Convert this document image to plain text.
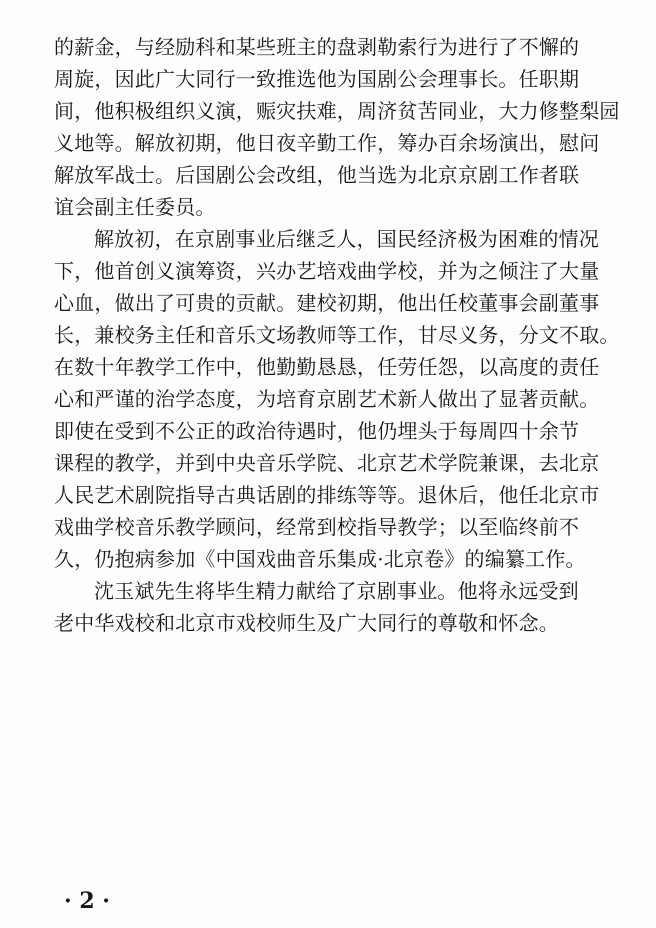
的薪金，与经励科和某些班主的盘剥勒索行为进行了不懈的
周旋，因此广大同行一致推选他为国剧公会理事长。任职期
间，他积极组织义演，赈灾扶难，周济贫苦同业，大力修整梨园
义地等。解放初期，他日夜辛勤工作，筹办百余场演出，慰问
解放军战士。后国剧公会改组，他当选为北京京剧工作者联
谊会副主任委员。
解放初，在京剧事业后继乏人，国民经济极为困难的情况
下，他首创义演筹资，兴办艺培戏曲学校，并为之倾注了大量
心血，做出了可贵的贡献。建校初期，他出任校董事会副董事
长，兼校务主任和音乐文场教师等工作，甘尽义务，分文不取。
在数十年教学工作中，他勤勤恳恳，任劳任怨，以高度的责任
心和严谨的治学态度，为培育京剧艺术新人做出了显著贡献。
即使在受到不公正的政治待遇时，他仍埋头于每周四十余节
课程的教学，并到中央音乐学院、北京艺术学院兼课，去北京
人民艺术剧院指导古典话剧的排练等等。退休后，他任北京市
戏曲学校音乐教学顾问，经常到校指导教学；以至临终前不
久，仍抱病参加《中国戏曲音乐集成·北京卷》的编纂工作。
沈玉斌先生将毕生精力献给了京剧事业。他将永远受到
老中华戏校和北京市戏校师生及广大同行的尊敬和怀念。
· 2 ·
